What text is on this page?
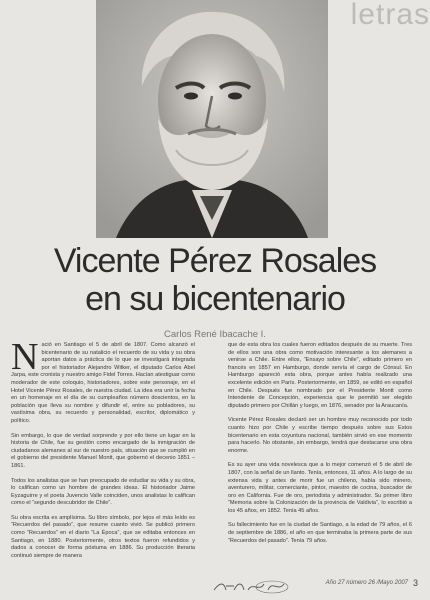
letras
Vicente Pérez Rosales
en su bicentenario
Carlos René Ibacache I.

Nació en Santiago el 5 de abril de 1807. Como alcanzó el bicentenario de su natalicio el recuerdo de su vida y su obra aportan datos a práctica de lo que se investigará integrada por el historiador Alejandro Witker, el diputado Carlos Abel Jarpa, este cronista y nuestro amigo Fidel Torres. Hacían atestiguar como moderador de este coloquio, historiadores, sobre este personaje, en el Hotel Vicente Pérez Rosales, de nuestra ciudad. La idea era unir la fecha en un homenaje en el día de su cumpleaños número doscientos, en la población que lleva su nombre y difundir el, entre su pobladores, su vastísima obra, su recuerdo y personalidad, escritor, diplomático y político.

Sin embargo, lo que de verdad sorprende y por ello tiene un lugar en la historia de Chile, fue su gestión como encargado de la inmigración de ciudadanos alemanes al sur de nuestro país, situación que se cumplió en el gobierno del presidente Manuel Montt, que gobernó el decenio 1851 – 1861.

Todos los analistas que se han preocupado de estudiar su vida y su obra, lo califican como un hombre de grandes ideas. El historiador Jaime Eyzaguirre y el poeta Juvencio Valle coinciden, unos analistas lo califican como el “segundo descubridor de Chile”.

Su obra escrita es amplísima. Su libro símbolo, por lejos el más leído es “Recuerdos del pasado”, que resume cuanto vivió. Se publicó primero como “Recuerdos” en el diario “La Época”, que se editaba entonces en Santiago, en 1880. Posteriormente, otros textos fueron refundidos y dados a conocer de forma póstuma en 1886. Su producción literaria continuó siempre de manera

que de esta obra los cuales fueron editados después de su muerte. Tres de ellos son una obra como motivación interesante a los alemanes a venirse a Chile. Entre ellos, “Ensayo sobre Chile”, editado primero en francés en 1857 en Hamburgo, donde servía el cargo de Cónsul. En Hamburgo apareció esta obra, porque antes había realizado una excelente edición en París. Posteriormente, en 1859, se editó en español en Chile. Después fue nombrado por el Presidente Montt como Intendente de Concepción, experiencia que le permitió ser elegido diputado primero por Chillán y luego, en 1876, senador por la Araucanía.

Vicente Pérez Rosales declaró ser un hombre muy reconocido por todo cuanto hizo por Chile y escribe tiempo después sobre sus Estos bicentenario en esta coyuntura nacional, también sirvió en ese momento para hacerlo. No obstante, sin embargo, tendrá que destacarse una obra enorme.

Es su ayer una vida novelesca que a lo mejor comenzó el 5 de abril de 1807, con la señal de un llanto. Tenía, entonces, 11 años. A lo largo de su extensa vida y antes de morir fue un chileno, había sido minero, aventurero, militar, comerciante, pintor, maestro de cocina, buscador de oro en California. Fue de oro, periodista y administrador. Su primer libro “Memoria sobre la Colonización de la provincia de Valdivia”, lo escribió a los 45 años, en 1852. Tenía 45 años.

Su fallecimiento fue en la ciudad de Santiago, a la edad de 79 años, el 6 de septiembre de 1886, el año en que terminaba la primera parte de sus “Recuerdos del pasado”. Tenía 79 años.

Año 27 número 26 /Mayo 2007 3
